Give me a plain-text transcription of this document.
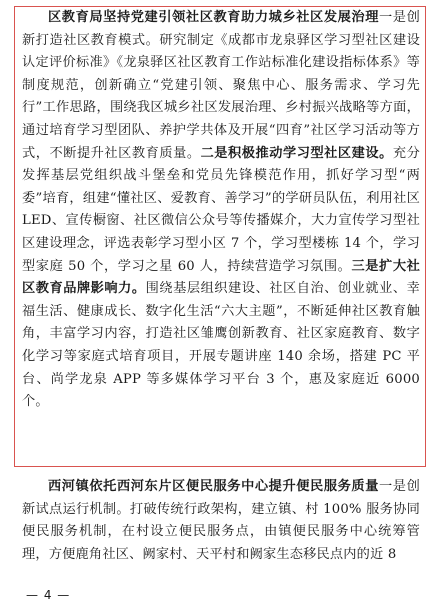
区教育局坚持党建引领社区教育助力城乡社区发展治理一是创新打造社区教育模式。研究制定《成都市龙泉驿区学习型社区建设认定评价标准》《龙泉驿区社区教育工作站标准化建设指标体系》等制度规范，创新确立“党建引领、聚焦中心、服务需求、学习先行”工作思路，围绕我区城乡社区发展治理、乡村振兴战略等方面，通过培育学习型团队、养护学共体及开展“四育”社区学习活动等方式，不断提升社区教育质量。二是积极推动学习型社区建设。充分发挥基层党组织战斗堡垒和党员先锋模范作用，抓好学习型“两委”培育，组建“懂社区、爱教育、善学习”的学研员队伍，利用社区 LED、宣传橱窗、社区微信公众号等传播媒介，大力宣传学习型社区建设理念，评选表彰学习型小区 7 个，学习型楼栋 14 个，学习型家庭 50 个，学习之星 60 人，持续营造学习氛围。三是扩大社区教育品牌影响力。围绕基层组织建设、社区自治、创业就业、幸福生活、健康成长、数字化生活“六大主题”，不断延伸社区教育触角，丰富学习内容，打造社区雏鹰创新教育、社区家庭教育、数字化学习等家庭式培育项目，开展专题讲座 140 余场，搭建 PC 平台、尚学龙泉 APP 等多媒体学习平台 3 个，惠及家庭近 6000 个。

西河镇依托西河东片区便民服务中心提升便民服务质量一是创新试点运行机制。打破传统行政架构，建立镇、村 100% 服务协同便民服务机制，在村设立便民服务点，由镇便民服务中心统筹管理，方便鹿角社区、阙家村、天平村和阙家生态移民点内的近 8

— 4 —
